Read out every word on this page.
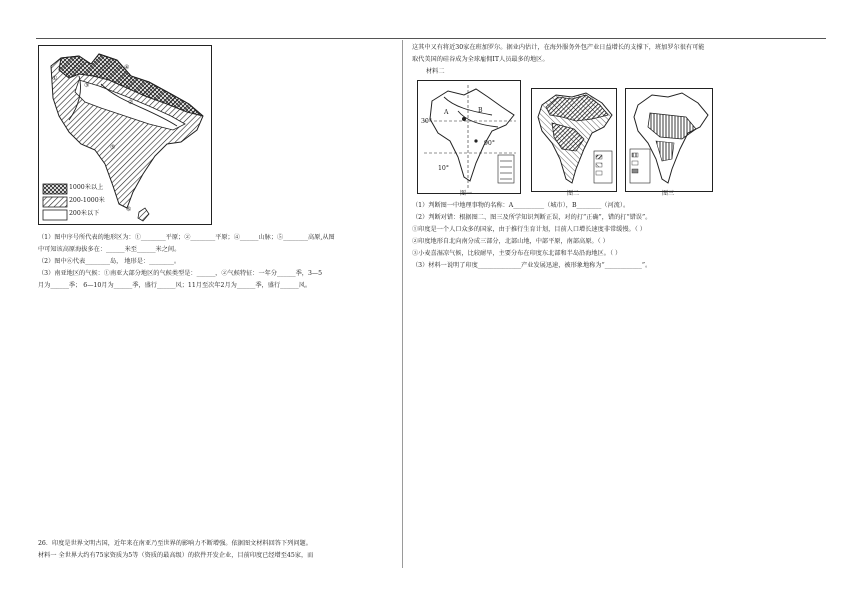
①
②
③
④
⑤
⑥
1000米以上
200-1000米
200米以下
（1）图中序号所代表的地形区为：①________平原；②________平原；④______山脉；⑤________高原,从图
中可知该高原海拔多在：______米至______米之间。
（2）图中⑥代表________岛， 地形是：________。
（3）南亚地区的气候：①南亚大部分地区的气候类型是：______，②气候特征：一年分______季，3—5
月为______季； 6—10月为______季，盛行______风；11月至次年2月为______季，盛行______风。
26．印度是世界文明古国，近年来在南亚乃至世界的影响力不断增强。依据图文材料回答下列问题。
材料一 全世界大约有75家资质为5等（资质的最高级）的软件开发企业，目前印度已经增至45家，而
这其中又有将近30家在班加罗尔。据业内估计，在海外服务外包产业日益增长的支撑下，班加罗尔很有可能
取代美国的硅谷成为全球雇佣IT人员最多的地区。
材料二
A	B
30°
90°
10°
图一	图二	图三
（1）判断图一中地理事物的名称：A__________（城市），B________（河流）。
（2）判断对错：根据图二、图三及所学知识判断正误，对的打“正确”，错的打“错误”。
①印度是一个人口众多的国家，由于推行生育计划，目前人口增长速度非常缓慢。（ ）
②印度地形自北向南分成三部分，北部山地，中部平原，南部高原。（ ）
③小麦喜湿凉气候，比较耐旱，主要分布在印度东北部和半岛沿海地区。（ ）
（3）材料一说明了印度______________产业发展迅速，被形象地称为“____________”。
